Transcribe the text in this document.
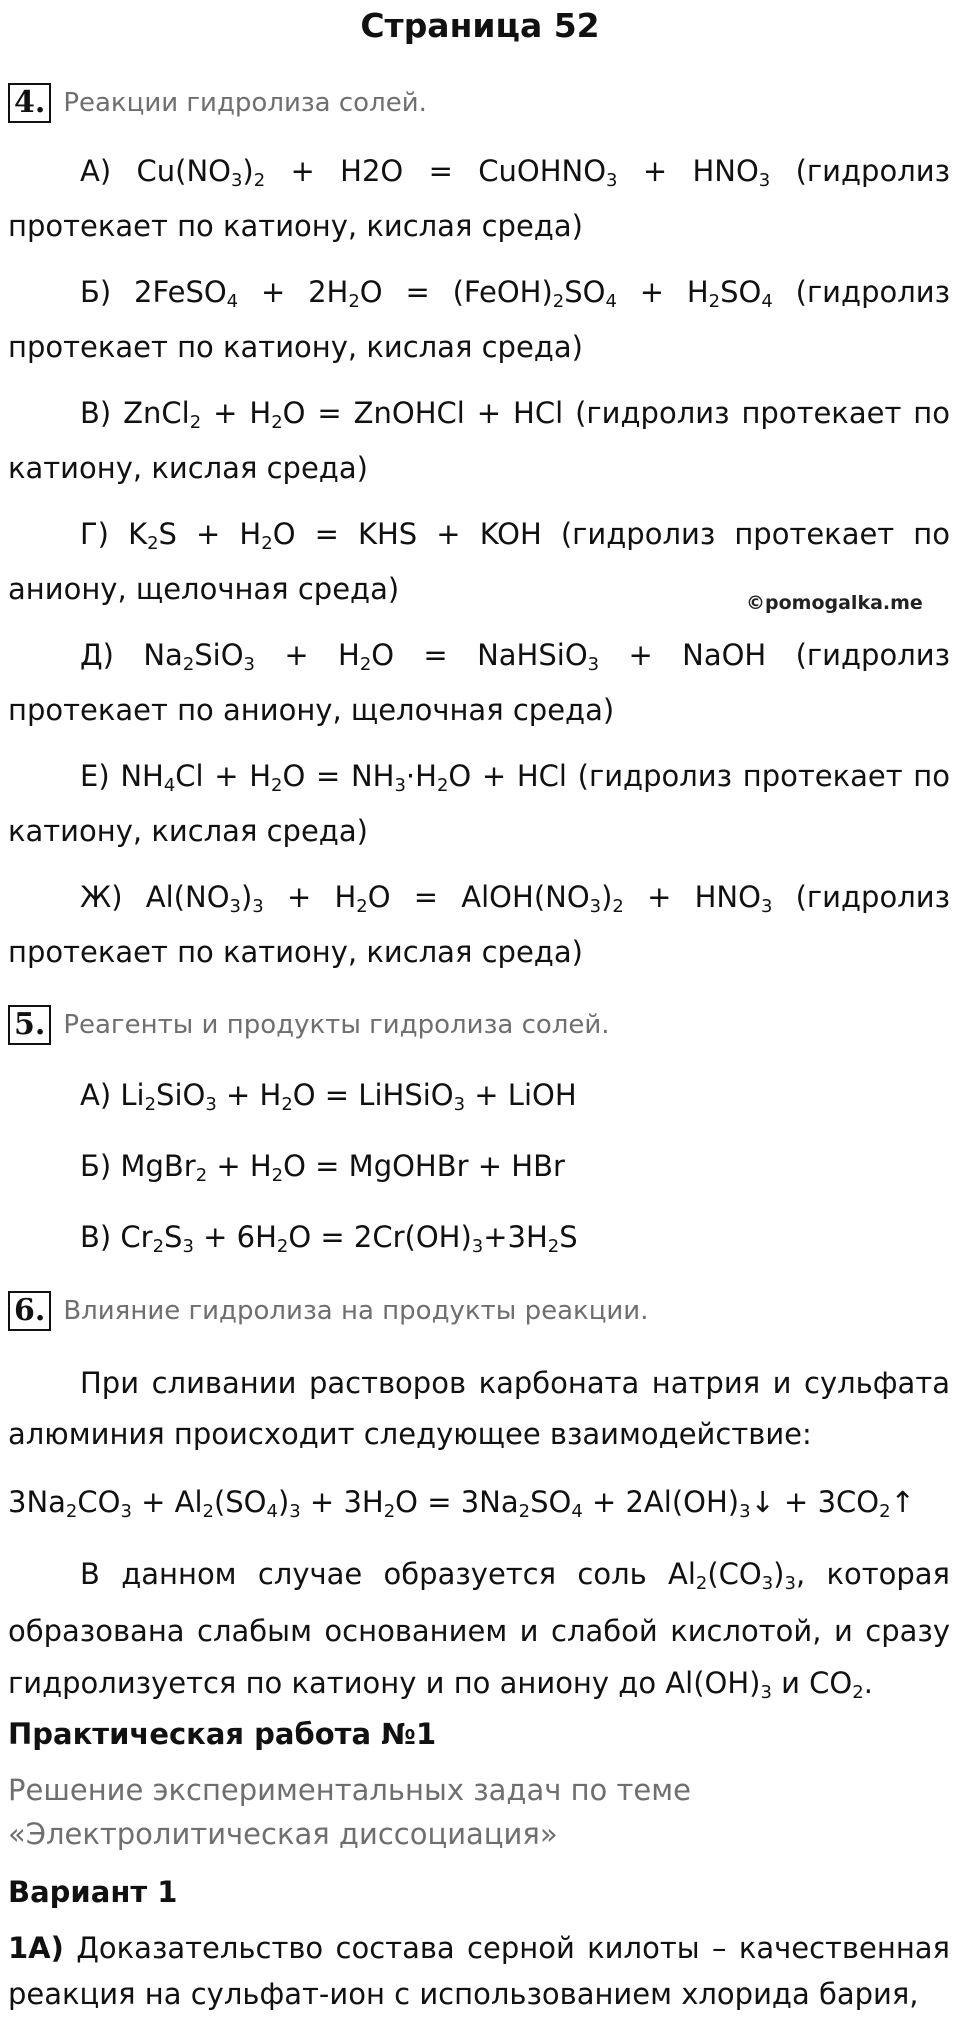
Страница 52
4. Реакции гидролиза солей.
А) $Cu(NO_3)_2 + H2O$ = CuOHNO$_3$ + $HNO_3$ (гидролиз протекает по катиону, кислая среда)
Б) 2FeSO$_4$ + $2H_2O$ = $(FeOH)_2SO_4 + H_2SO_4$ (гидролиз протекает по катиону, кислая среда)
В) ZnCl$_2$ + $H_2O$ = ZnOHCl + HCl (гидролиз протекает по катиону, кислая среда)
Г) $K_2S + H_2O$ = KHS + KOH (гидролиз протекает по аниону, щелочная среда)	©pomogalka.me
Д) $Na_2SiO_3 + H_2O$ = NaHSiO$_3$ + NaOH (гидролиз протекает по аниону, щелочная среда)
Е) $NH_4Cl + H_2O = NH_3\cdot H_2O$ + HCl (гидролиз протекает по катиону, кислая среда)
Ж) $Al(NO_3)_3 + H_2O$ = $AlOH(NO_3)_2 + HNO_3$ (гидролиз протекает по катиону, кислая среда)
5. Реагенты и продукты гидролиза солей.
А) $Li_2SiO_3 + H_2O$ = LiHSiO$_3$ + LiOH
Б) MgBr$_2$ + $H_2O$ = MgOHBr + HBr
В) $Cr_2S_3 + 6H_2O = 2Cr(OH)_3+3H_2S$
6. Влияние гидролиза на продукты реакции.
При сливании растворов карбоната натрия и сульфата алюминия происходит следующее взаимодействие:
$3Na_2CO_3 + Al_2(SO_4)_3 + 3H_2O = 3Na_2SO_4$ + $2Al(OH)_3↓$ + $3CO_2↑$
В данном случае образуется соль $Al_2(CO_3)_3$, которая образована слабым основанием и слабой кислотой, и сразу гидролизуется по катиону и по аниону до $Al(OH)_3$ и $CO_2$.
Практическая работа №1
Решение экспериментальных задач по теме
«Электролитическая диссоциация»
Вариант 1
1А) Доказательство состава серной килоты – качественная реакция на сульфат-ион с использованием хлорида бария,
